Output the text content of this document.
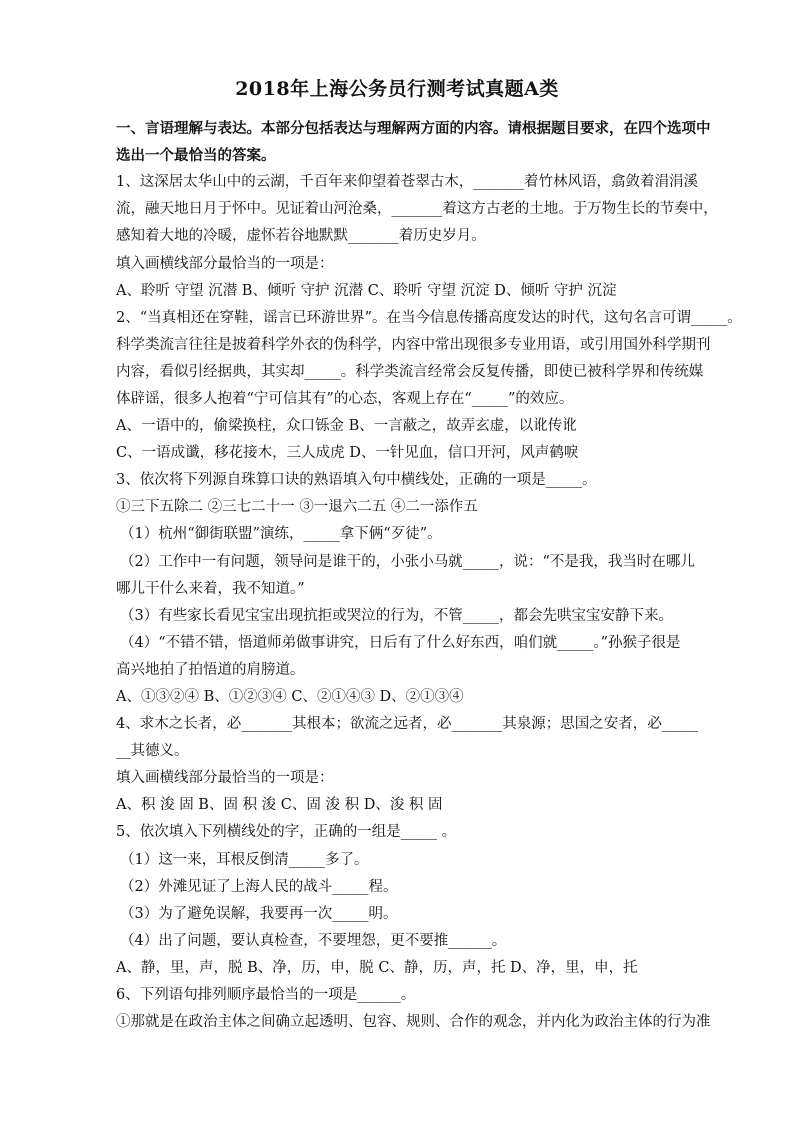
2018年上海公务员行测考试真题A类
一、言语理解与表达。本部分包括表达与理解两方面的内容。请根据题目要求，在四个选项中
选出一个最恰当的答案。
1、这深居太华山中的云湖，千百年来仰望着苍翠古木，_______着竹林风语，翕敛着涓涓溪
流，融天地日月于怀中。见证着山河沧桑，_______着这方古老的土地。于万物生长的节奏中，
感知着大地的冷暖，虚怀若谷地默默_______着历史岁月。
填入画横线部分最恰当的一项是：
A、聆听 守望 沉潜 B、倾听 守护 沉潜 C、聆听 守望 沉淀 D、倾听 守护 沉淀
2、“当真相还在穿鞋，谣言已环游世界”。在当今信息传播高度发达的时代，这句名言可谓_____。
科学类流言往往是披着科学外衣的伪科学，内容中常出现很多专业用语，或引用国外科学期刊
内容，看似引经据典，其实却_____。科学类流言经常会反复传播，即使已被科学界和传统媒
体辟谣，很多人抱着“宁可信其有”的心态，客观上存在“_____”的效应。
A、一语中的，偷梁换柱，众口铄金 B、一言蔽之，故弄玄虚，以讹传讹
C、一语成谶，移花接木，三人成虎 D、一针见血，信口开河，风声鹤唳
3、依次将下列源自珠算口诀的熟语填入句中横线处，正确的一项是_____。
①三下五除二 ②三七二十一 ③一退六二五 ④二一添作五
（1）杭州“御街联盟”演练，_____拿下俩“歹徒”。
（2）工作中一有问题，领导问是谁干的，小张小马就_____，说：“不是我，我当时在哪儿
哪儿干什么来着，我不知道。”
（3）有些家长看见宝宝出现抗拒或哭泣的行为，不管_____，都会先哄宝宝安静下来。
（4）“不错不错，悟道师弟做事讲究，日后有了什么好东西，咱们就_____。”孙猴子很是
高兴地拍了拍悟道的肩膀道。
A、①③②④ B、①②③④ C、②①④③ D、②①③④
4、求木之长者，必_______其根本；欲流之远者，必_______其泉源；思国之安者，必_____
__其德义。
填入画横线部分最恰当的一项是：
A、积 浚 固 B、固 积 浚 C、固 浚 积 D、浚 积 固
5、依次填入下列横线处的字，正确的一组是_____ 。
（1）这一来，耳根反倒清_____多了。
（2）外滩见证了上海人民的战斗_____程。
（3）为了避免误解，我要再一次_____明。
（4）出了问题，要认真检查，不要埋怨，更不要推______。
A、静，里，声，脱 B、净，历，申，脱 C、静，历，声，托 D、净，里，申，托
6、下列语句排列顺序最恰当的一项是______。
①那就是在政治主体之间确立起透明、包容、规则、合作的观念，并内化为政治主体的行为准
